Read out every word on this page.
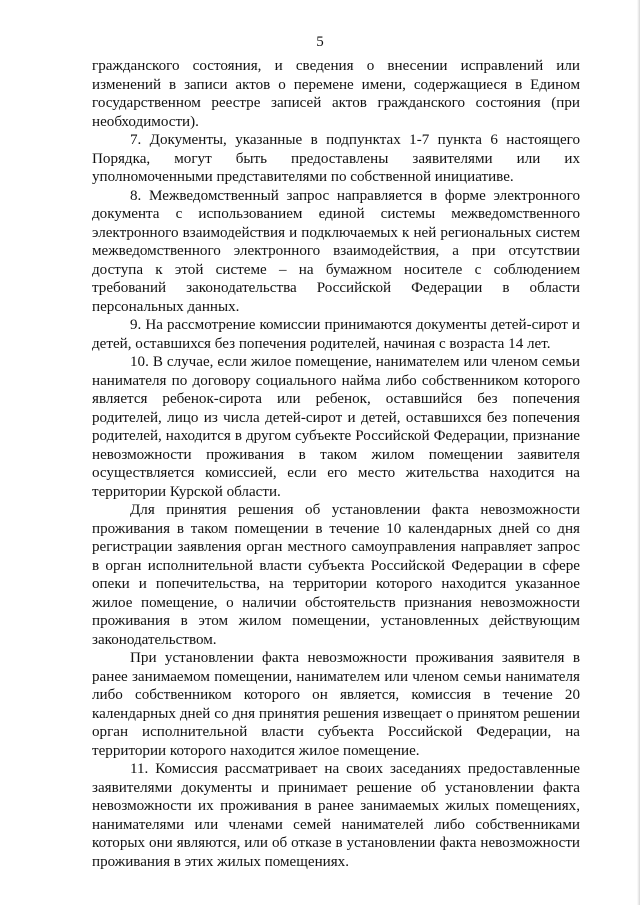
5

гражданского состояния, и сведения о внесении исправлений или изменений в записи актов о перемене имени, содержащиеся в Едином государственном реестре записей актов гражданского состояния (при необходимости).

7. Документы, указанные в подпунктах 1-7 пункта 6 настоящего Порядка, могут быть предоставлены заявителями или их уполномоченными представителями по собственной инициативе.

8. Межведомственный запрос направляется в форме электронного документа с использованием единой системы межведомственного электронного взаимодействия и подключаемых к ней региональных систем межведомственного электронного взаимодействия, а при отсутствии доступа к этой системе – на бумажном носителе с соблюдением требований законодательства Российской Федерации в области персональных данных.

9. На рассмотрение комиссии принимаются документы детей-сирот и детей, оставшихся без попечения родителей, начиная с возраста 14 лет.

10. В случае, если жилое помещение, нанимателем или членом семьи нанимателя по договору социального найма либо собственником которого является ребенок-сирота или ребенок, оставшийся без попечения родителей, лицо из числа детей-сирот и детей, оставшихся без попечения родителей, находится в другом субъекте Российской Федерации, признание невозможности проживания в таком жилом помещении заявителя осуществляется комиссией, если его место жительства находится на территории Курской области.

Для принятия решения об установлении факта невозможности проживания в таком помещении в течение 10 календарных дней со дня регистрации заявления орган местного самоуправления направляет запрос в орган исполнительной власти субъекта Российской Федерации в сфере опеки и попечительства, на территории которого находится указанное жилое помещение, о наличии обстоятельств признания невозможности проживания в этом жилом помещении, установленных действующим законодательством.

При установлении факта невозможности проживания заявителя в ранее занимаемом помещении, нанимателем или членом семьи нанимателя либо собственником которого он является, комиссия в течение 20 календарных дней со дня принятия решения извещает о принятом решении орган исполнительной власти субъекта Российской Федерации, на территории которого находится жилое помещение.

11. Комиссия рассматривает на своих заседаниях предоставленные заявителями документы и принимает решение об установлении факта невозможности их проживания в ранее занимаемых жилых помещениях, нанимателями или членами семей нанимателей либо собственниками которых они являются, или об отказе в установлении факта невозможности проживания в этих жилых помещениях.
